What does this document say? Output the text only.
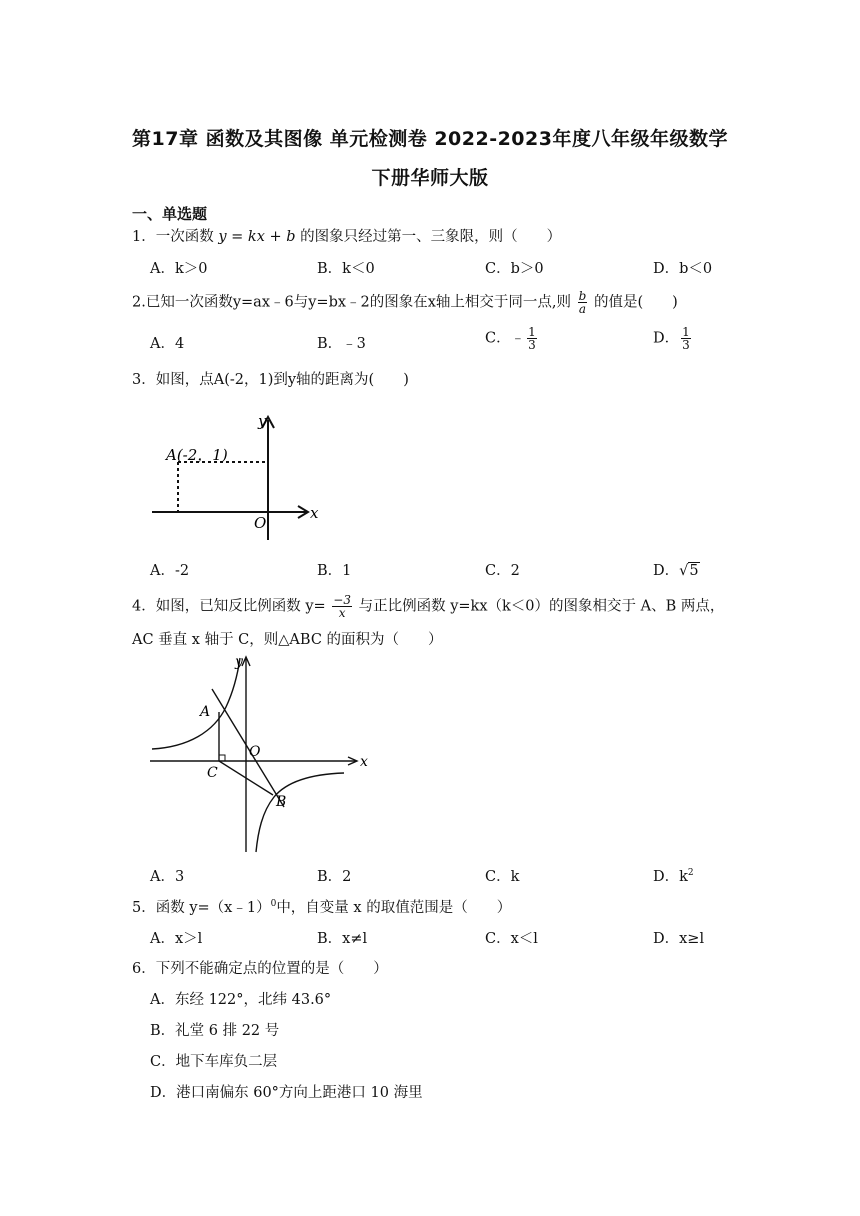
第17章 函数及其图像 单元检测卷 2022-2023年度八年级年级数学
下册华师大版
一、单选题
1．一次函数 y = kx + b 的图象只经过第一、三象限，则（　　）
A．k＞0	B．k＜0	C．b＞0	D．b＜0
2.已知一次函数y=ax﹣6与y=bx﹣2的图象在x轴上相交于同一点,则 $\frac{b}{a}$ 的值是(　　)
A．4	B．﹣3	C．﹣ $\frac{1}{3}$	D． $\frac{1}{3}$
3．如图，点A(-2，1)到y轴的距离为(　　)
A(-2，1)
y
x
O
A．-2	B．1	C．2	D．√5
4．如图，已知反比例函数 $y= \frac{-3}{x}$ 与正比例函数 y=kx（k＜0）的图象相交于 A、B 两点，
AC 垂直 x 轴于 C，则△ABC 的面积为（　　）
A
B
C
O
y
x
A．3	B．2	C．k	D．$k^2$
5．函数 y=（x﹣1）$^0$中，自变量 x 的取值范围是（　　）
A．x＞l	B．x≠l	C．x＜l	D．x≥l
6．下列不能确定点的位置的是（　　）
A．东经 122°，北纬 43.6°
B．礼堂 6 排 22 号
C．地下车库负二层
D．港口南偏东 60°方向上距港口 10 海里
